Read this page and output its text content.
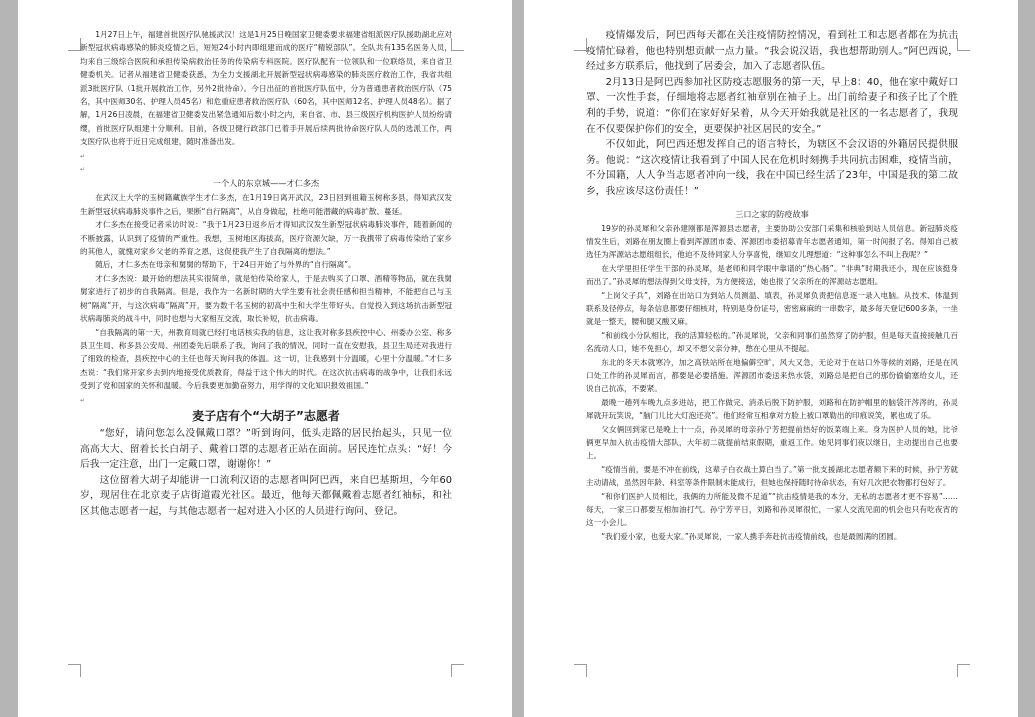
1月27日上午，福建首批医疗队驰援武汉！这是1月25日晚国家卫健委要求福建省组派医疗队援助湖北应对新型冠状病毒感染的肺炎疫情之后，短短24小时内即组建而成的医疗“精锐部队”。全队共有135名医务人员，均来自三级综合医院和承担传染病救治任务的传染病专科医院。医疗队配有一位领队和一位联络员，来自省卫健委机关。记者从福建省卫健委获悉，为全力支援湖北开展新型冠状病毒感染的肺炎医疗救治工作，我省共组派3批医疗队（1批开展救治工作，另外2批待命）。今日出征的首批医疗队伍中，分为普通患者救治医疗队（75名，其中医师30名、护理人员45名）和危重症患者救治医疗队（60名，其中医师12名、护理人员48名）。据了解，1月26日凌晨，在福建省卫健委发出紧急通知后数小时之内，来自省、市、县三级医疗机构医护人员纷纷请缨，首批医疗队组建十分顺利。目前，各级卫健行政部门已着手开展后续两批待命医疗队人员的选派工作，两支医疗队也将于近日完成组建，随时准备出发。

↵

↵

一个人的东京城——才仁多杰

在武汉上大学的玉树籍藏族学生才仁多杰，在1月19日离开武汉，23日回到祖籍玉树称多县，得知武汉发生新型冠状病毒肺炎事件之后，果断“自行隔离”，从自身做起，杜绝可能潜藏的病毒扩散、蔓延。

才仁多杰在接受记者采访时说：“我于1月23日返乡后才得知武汉发生新型冠状病毒肺炎事件，随着新闻的不断披露，认识到了疫情的严重性。我想，玉树地区海拔高，医疗资源欠缺，万一我携带了病毒传染给了家乡的其他人，就愧对家乡父老的养育之恩，这促使我产生了自我隔离的想法。”

随后，才仁多杰在母亲和舅舅的帮助下，于24日开始了与外界的“自行隔离”。

才仁多杰说：最开始的想法其实很简单，就是怕传染给家人，于是去购买了口罩、酒精等物品，就在我舅舅家进行了初步的自我隔离。但是，我作为一名新时期的大学生要有社会责任感和担当精神，不能把自己与玉树“隔离”开，与这次病毒“隔离”开，要为数千名玉树的初高中生和大学生带好头。自觉投入到这场抗击新型冠状病毒肺炎的战斗中，同时也想与大家相互交流，取长补短，抗击病毒。

“自我隔离的第一天，州教育局就已经打电话核实我的信息，这让我对称多县疾控中心、州委办公室、称多县卫生局、称多县公安局、州团委先后联系了我，询问了我的情况，同时一直在安慰我，县卫生局还对我进行了细致的检查，县疾控中心的主任也每天询问我的体温。这一切，让我感到十分温暖，心里十分温暖。”才仁多杰说：“我们常开家乡去到内地接受优质教育，得益于这个伟大的时代。在这次抗击病毒的战争中，让我们永远受到了党和国家的关怀和温暖。今后我要更加勤奋努力，用学得的文化知识报效祖国。”

↵

麦子店有个“大胡子”志愿者

“您好，请问您怎么没佩戴口罩？”听到询问，低头走路的居民抬起头，只见一位高高大大、留着长长白胡子、戴着口罩的志愿者正站在面前。居民连忙点头：“好！今后我一定注意，出门一定戴口罩，谢谢你！”

这位留着大胡子却能讲一口流利汉语的志愿者叫阿巴西，来自巴基斯坦，今年60岁，现居住在北京麦子店街道霞光社区。最近，他每天都佩戴着志愿者红袖标，和社区其他志愿者一起，与其他志愿者一起对进入小区的人员进行询问、登记。

疫情爆发后，阿巴西每天都在关注疫情防控情况，看到社工和志愿者都在为抗击疫情忙碌着，他也特别想贡献一点力量。“我会说汉语，我也想帮助别人。”阿巴西说，经过多方联系后，他找到了居委会，加入了志愿者队伍。

2月13日是阿巴西参加社区防疫志愿服务的第一天，早上8：40，他在家中戴好口罩、一次性手套，仔细地将志愿者红袖章别在袖子上。出门前给妻子和孩子比了个胜利的手势，说道：“你们在家好好呆着，从今天开始我就是社区的一名志愿者了，我现在不仅要保护你们的安全，更要保护社区居民的安全。”

不仅如此，阿巴西还想发挥自己的语言特长，为辖区不会汉语的外籍居民提供服务。他说：“这次疫情让我看到了中国人民在危机时刻携手共同抗击困难，疫情当前，不分国籍，人人争当志愿者冲向一线，我在中国已经生活了23年，中国是我的第二故乡，我应该尽这份责任！”

三口之家的防疫故事

19岁的孙灵犀和父亲孙建刚都是浑源县志愿者，主要协助公安部门采集和核验到站人员信息。新冠肺炎疫情发生后，刘路在朋友圈上看到浑源团市委、浑源团市委招募青年志愿者通知，第一时间报了名。得知自己被选任为浑源站志愿组组长，他迫不及待同家人分享喜悦，继知女儿理想道：“这种事怎么不叫上我呢？”

在大学里担任学生干部的孙灵犀，是老师和同学眼中靠谱的“热心肠”。“非典”时期我还小，现在应该挺身而出了。”孙灵犀的想法得到父母支持，为方便接送，她也报了父亲所在的浑源站志愿组。

“上岗父子兵”，刘路在出站口为到站人员测温、填表，孙灵犀负责把信息逐一录入电脑。从技术、体温到联系及径停点，每条信息都要仔细核对，特别是身份证号，密密麻麻的一串数字，最多每天登记600多条，一坐就是一整天，腰和腿又酸又麻。

“和前线小分队相比，我的活算轻松的。”孙灵犀说，父亲和同事们虽然穿了防护服，但是每天直接接触几百名流动人口，她不免担心，却又不想父亲分神，憋在心里从不提起。

东北的冬天本就寒冷，加之高铁站所在地偏僻空旷，风大又急，无论对于在站口外等候的刘路，还是在风口处工作的孙灵犀而言，都要是必要措施。浑源团市委送来热水袋，刘路总是把自己的那份偷偷塞给女儿，还说自己抗冻，不要紧。

最晚一趟列车晚九点多进站，把工作做完、消杀后脱下防护服，刘路和在防护帽里的脑袋汗涔涔的，孙灵犀就开玩笑说，“脑门儿比大灯泡还亮”。他们经常互相拿对方脸上被口罩勒出的印痕说笑，累也成了乐。

父女俩回到家已是晚上十一点，孙灵犀的母亲孙宁芳把提前热好的饭菜端上来。身为医护人员的她，比爷俩更早加入抗击疫情大部队，大年初二就提前结束假期，重返工作。她见同事们夜以继日，主动提出自己也要上。

“疫情当前，要是不冲在前线，这辈子白衣战士算白当了。”第一批支援湖北志愿者额下来的时候，孙宁芳就主动请战，虽然因年龄、科室等条件限制未能成行，但她也保持随时待命状态，有好几次把衣物都打包好了。

“和你们医护人员相比，我俩的力所能及微不足道”“抗击疫情是我的本分，无私的志愿者才更不容易”……每天，一家三口都要互相加油打气。孙宁芳平日，刘路和孙灵犀很忙，一家人交流见面的机会也只有吃夜宵的这一小会儿。

“我们爱小家，也爱大家。”孙灵犀说，一家人携手奔赴抗击疫情前线，也是最圆满的团圆。
